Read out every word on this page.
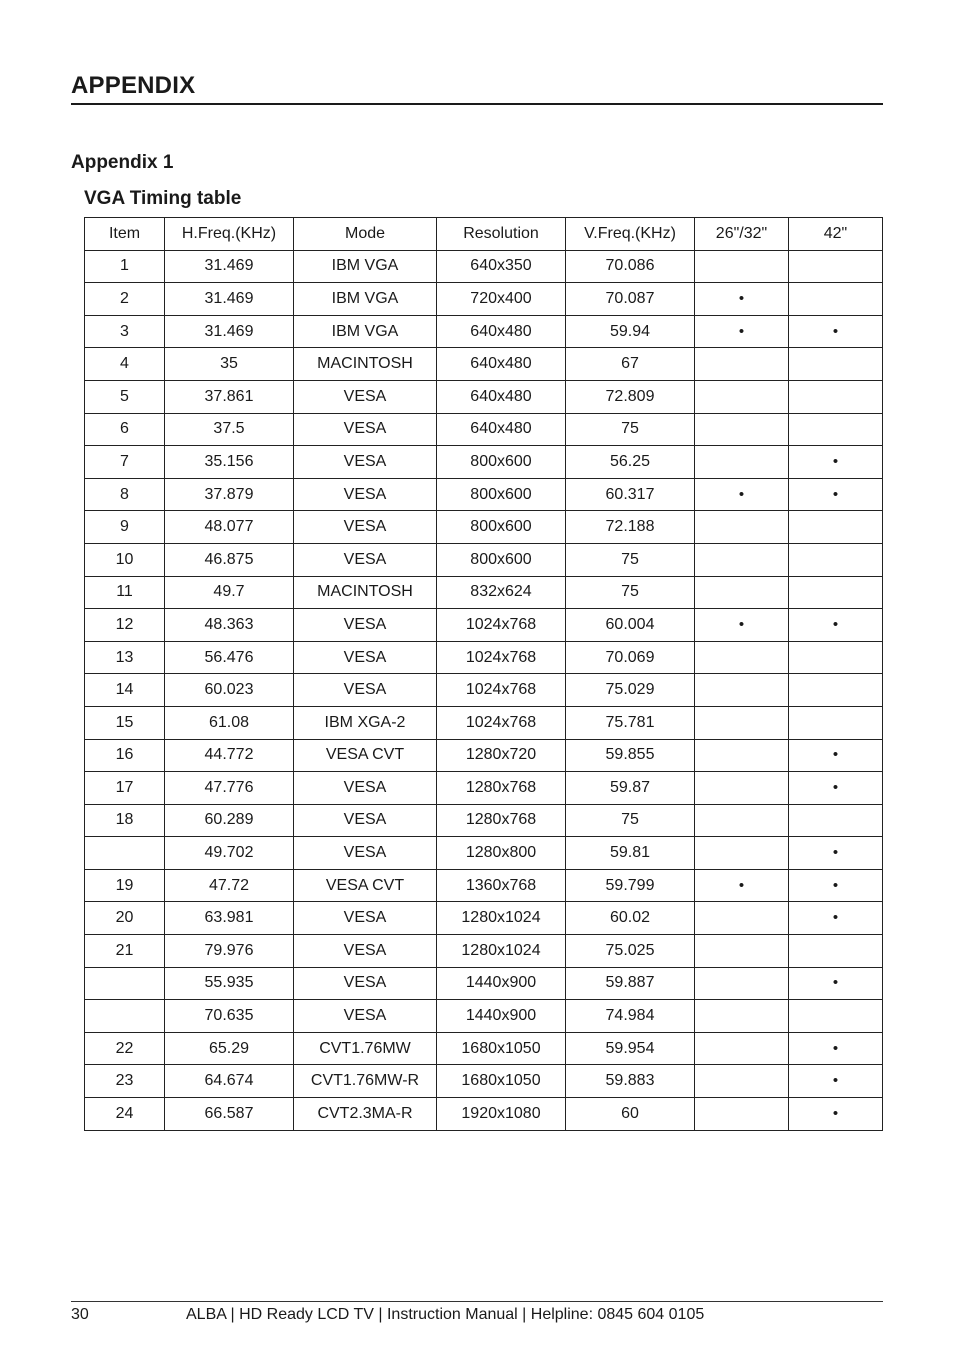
APPENDIX
Appendix 1
VGA Timing table
Item	H.Freq.(KHz)	Mode	Resolution	V.Freq.(KHz)	26"/32"	42"
1	31.469	IBM VGA	640x350	70.086		
2	31.469	IBM VGA	720x400	70.087	•	
3	31.469	IBM VGA	640x480	59.94	•	•
4	35	MACINTOSH	640x480	67		
5	37.861	VESA	640x480	72.809		
6	37.5	VESA	640x480	75		
7	35.156	VESA	800x600	56.25		•
8	37.879	VESA	800x600	60.317	•	•
9	48.077	VESA	800x600	72.188		
10	46.875	VESA	800x600	75		
11	49.7	MACINTOSH	832x624	75		
12	48.363	VESA	1024x768	60.004	•	•
13	56.476	VESA	1024x768	70.069		
14	60.023	VESA	1024x768	75.029		
15	61.08	IBM XGA-2	1024x768	75.781		
16	44.772	VESA CVT	1280x720	59.855		•
17	47.776	VESA	1280x768	59.87		•
18	60.289	VESA	1280x768	75		
	49.702	VESA	1280x800	59.81		•
19	47.72	VESA CVT	1360x768	59.799	•	•
20	63.981	VESA	1280x1024	60.02		•
21	79.976	VESA	1280x1024	75.025		
	55.935	VESA	1440x900	59.887		•
	70.635	VESA	1440x900	74.984		
22	65.29	CVT1.76MW	1680x1050	59.954		•
23	64.674	CVT1.76MW-R	1680x1050	59.883		•
24	66.587	CVT2.3MA-R	1920x1080	60		•
30	ALBA | HD Ready LCD TV | Instruction Manual | Helpline: 0845 604 0105
